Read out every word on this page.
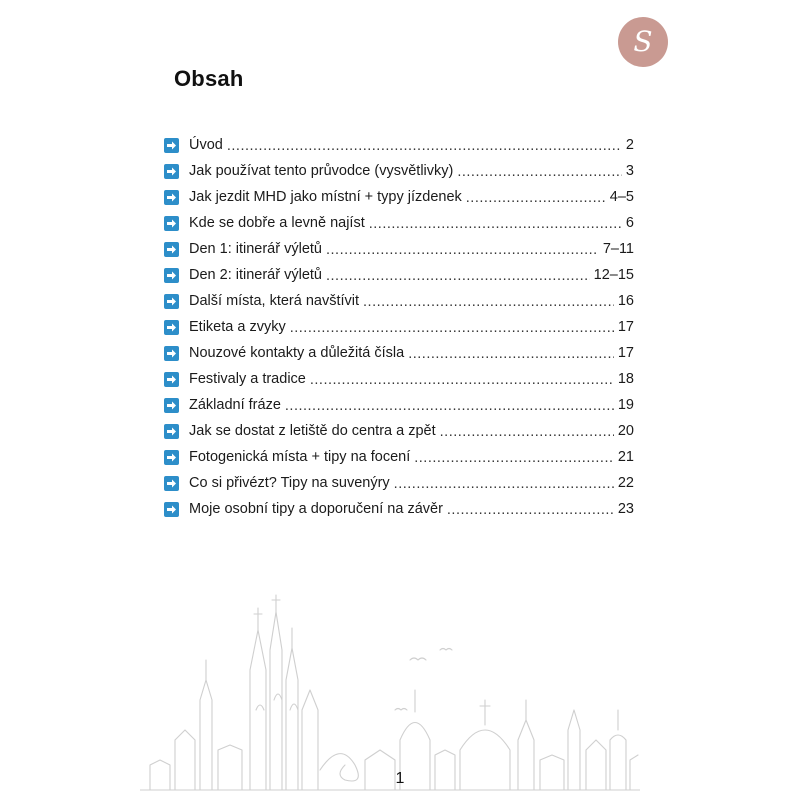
S
Obsah
Úvod .....	2
Jak používat tento průvodce (vysvětlivky) .....	3
Jak jezdit MHD jako místní + typy jízdenek .....	4–5
Kde se dobře a levně najíst .....	6
Den 1: itinerář výletů .....	7–11
Den 2: itinerář výletů .....	12–15
Další místa, která navštívit .....	16
Etiketa a zvyky .....	17
Nouzové kontakty a důležitá čísla .....	17
Festivaly a tradice .....	18
Základní fráze .....	19
Jak se dostat z letiště do centra a zpět .....	20
Fotogenická místa + tipy na focení .....	21
Co si přivézt? Tipy na suvenýry .....	22
Moje osobní tipy a doporučení na závěr .....	23
1
